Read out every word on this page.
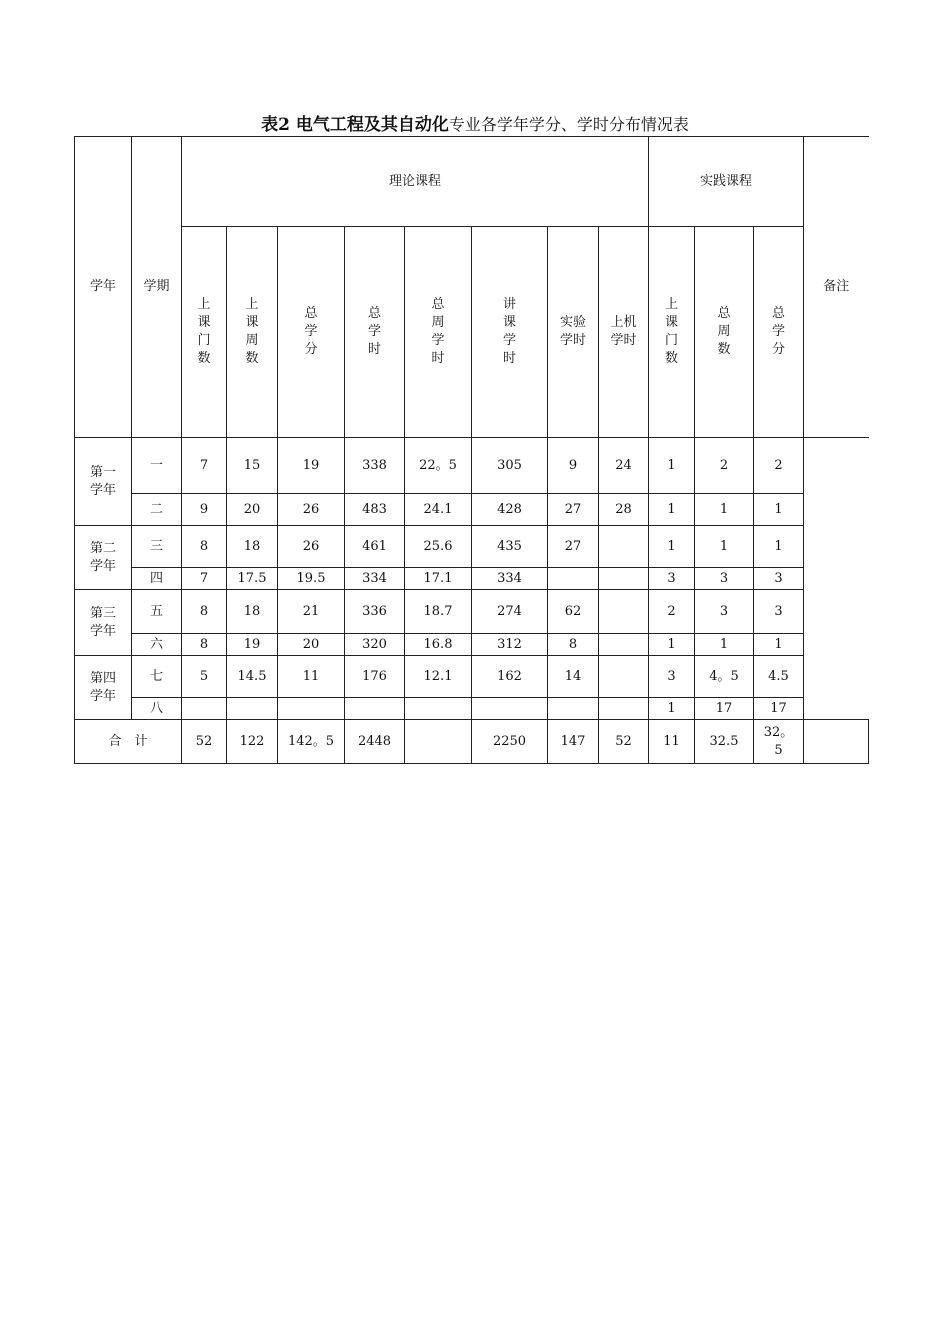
表2 电气工程及其自动化专业各学年学分、学时分布情况表
学年	学期	理论课程								实践课程			备注

		上
课
门
数	上
课
周
数	总
学
分	总
学
时	总
周
学
时	讲
课
学
时	实验
学时	上机
学时	上
课
门
数	总
周
数	总
学
分	

第一
学年	一	7	15	19	338	22。5	305	9	24	1	2	2	
	二	9	20	26	483	24.1	428	27	28	1	1	1	
第二
学年	三	8	18	26	461	25.6	435	27		1	1	1	
	四	7	17.5	19.5	334	17.1	334			3	3	3	
第三
学年	五	8	18	21	336	18.7	274	62		2	3	3	
	六	8	19	20	320	16.8	312	8		1	1	1	
第四
学年	七	5	14.5	11	176	12.1	162	14		3	4。5	4.5	
	八									1	17	17	
合　计		52	122	142。5	2448		2250	147	52	11	32.5	32。
5	
